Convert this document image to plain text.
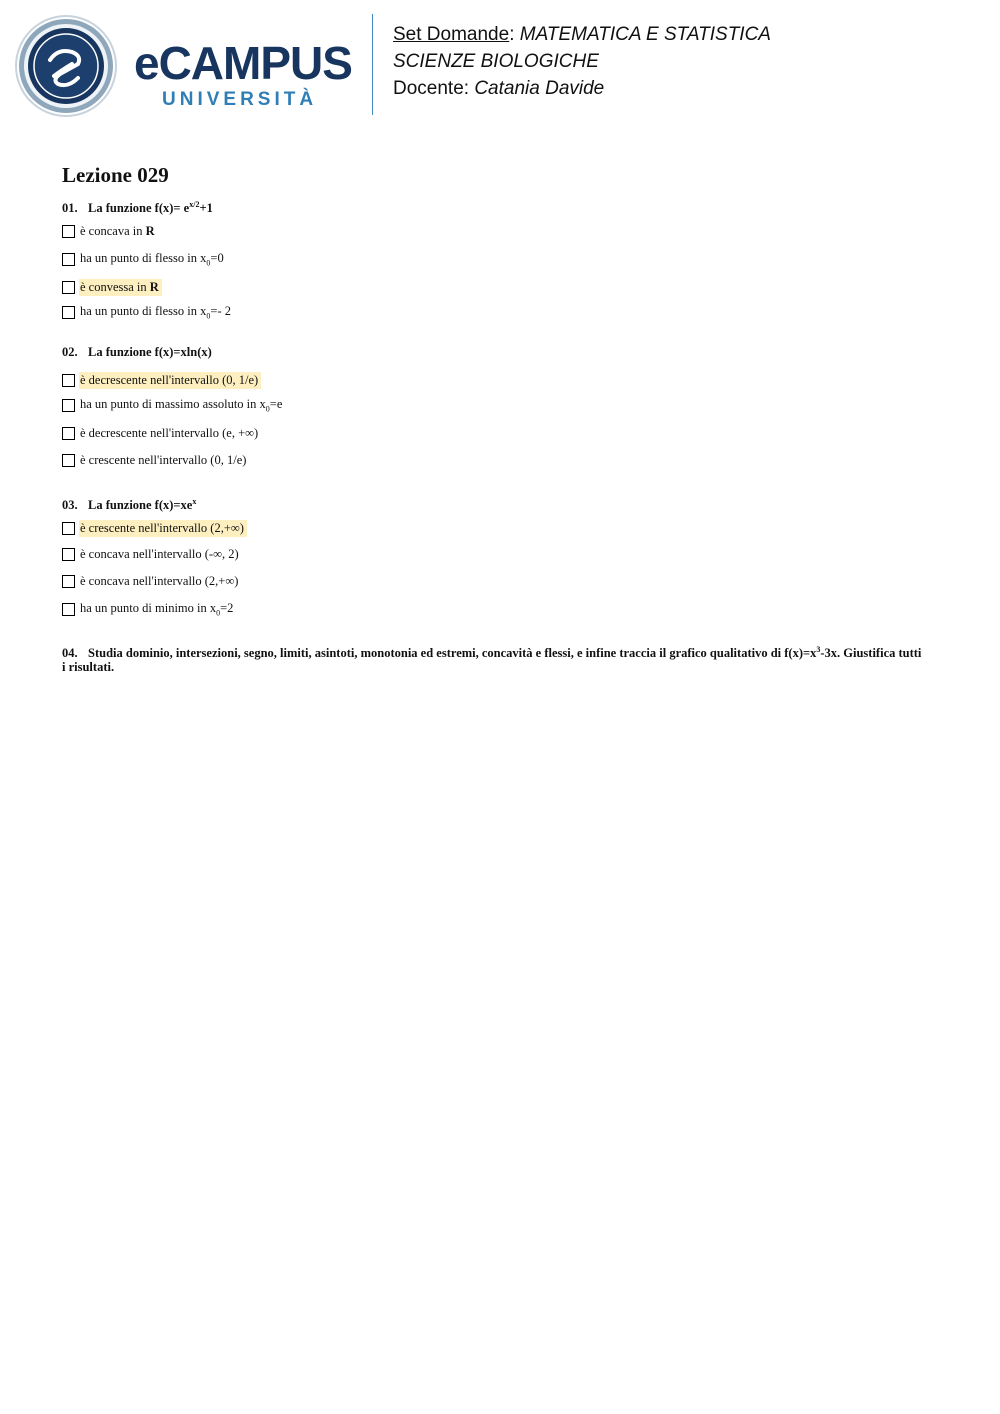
eCAMPUS
UNIVERSITÀ
Set Domande: MATEMATICA E STATISTICA
SCIENZE BIOLOGICHE
Docente: Catania Davide
Lezione 029
01. La funzione $f(x)= e^{x/2}+1$
è concava in R
ha un punto di flesso in $x_0=0$
è convessa in R
ha un punto di flesso in $x_0=-$ 2
02. La funzione f(x)=xln(x)
è decrescente nell'intervallo (0, 1/e)
ha un punto di massimo assoluto in $x_0=e$
è decrescente nell'intervallo (e, +∞)
è crescente nell'intervallo (0, 1/e)
03. La funzione $f(x)=xe^x$
è crescente nell'intervallo (2,+∞)
è concava nell'intervallo (-∞, 2)
è concava nell'intervallo (2,+∞)
ha un punto di minimo in $x_0=2$
04. Studia dominio, intersezioni, segno, limiti, asintoti, monotonia ed estremi, concavità e flessi, e infine traccia il grafico qualitativo di $f(x)=x^3-3x$. Giustifica tutti i risultati.
